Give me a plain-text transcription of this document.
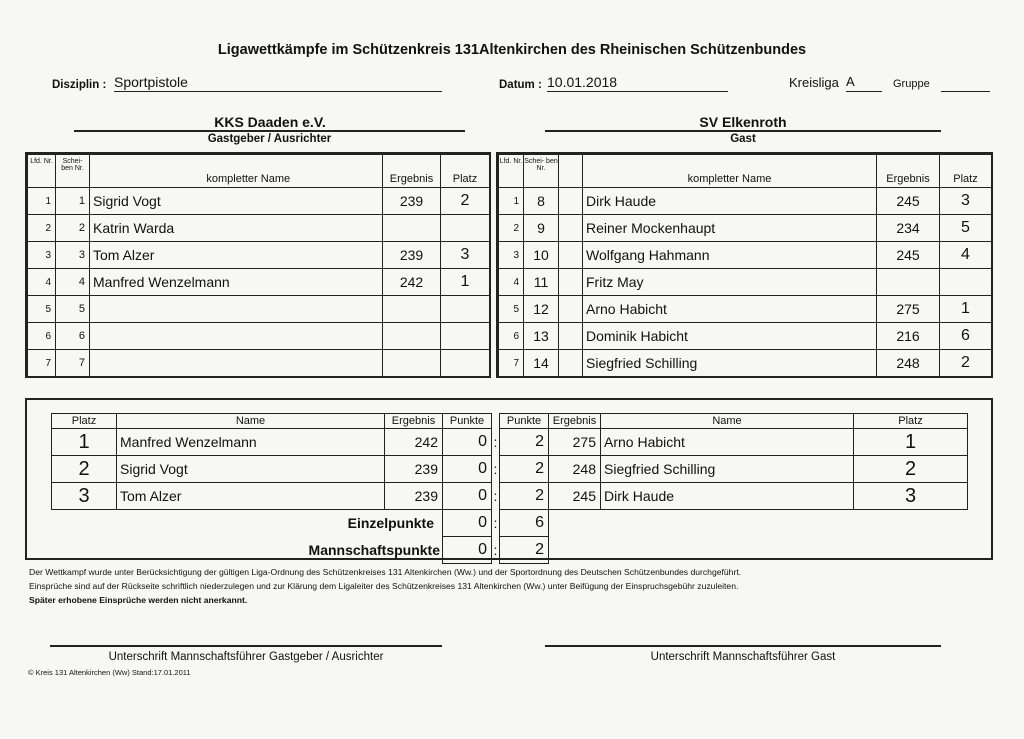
Ligawettkämpfe im Schützenkreis 131Altenkirchen des Rheinischen Schützenbundes
Disziplin : Sportpistole	Datum : 10.01.2018	Kreisliga A	Gruppe
KKS Daaden e.V.
Gastgeber / Ausrichter
SV Elkenroth
Gast
Lfd. Nr.	Schei- ben Nr.		kompletter Name	Ergebnis	Platz
1	1	Sigrid Vogt		239	2
2	2	Katrin Warda			
3	3	Tom Alzer		239	3
4	4	Manfred Wenzelmann		242	1
5	5				
6	6				
7	7				
Lfd. Nr.	Schei- ben Nr.		kompletter Name	Ergebnis	Platz
1	8		Dirk Haude	245	3
2	9		Reiner Mockenhaupt	234	5
3	10		Wolfgang Hahmann	245	4
4	11		Fritz May		
5	12		Arno Habicht	275	1
6	13		Dominik Habicht	216	6
7	14		Siegfried Schilling	248	2
Platz	Name	Ergebnis	Punkte		Punkte	Ergebnis	Name	Platz
1	Manfred Wenzelmann	242	0	:	2	275	Arno Habicht	1
2	Sigrid Vogt	239	0	:	2	248	Siegfried Schilling	2
3	Tom Alzer	239	0	:	2	245	Dirk Haude	3
Einzelpunkte			0	:	6			
Mannschaftspunkte			0	:	2			
Der Wettkampf wurde unter Berücksichtigung der gültigen Liga-Ordnung des Schützenkreises 131 Altenkirchen (Ww.) und der Sportordnung des Deutschen Schützenbundes durchgeführt.
Einsprüche sind auf der Rückseite schriftlich niederzulegen und zur Klärung dem Ligaleiter des Schützenkreises 131 Altenkirchen (Ww.) unter Beifügung der Einspruchsgebühr zuzuleiten.
Später erhobene Einsprüche werden nicht anerkannt.
Unterschrift Mannschaftsführer Gastgeber / Ausrichter	Unterschrift Mannschaftsführer Gast
© Kreis 131 Altenkirchen (Ww) Stand:17.01.2011
